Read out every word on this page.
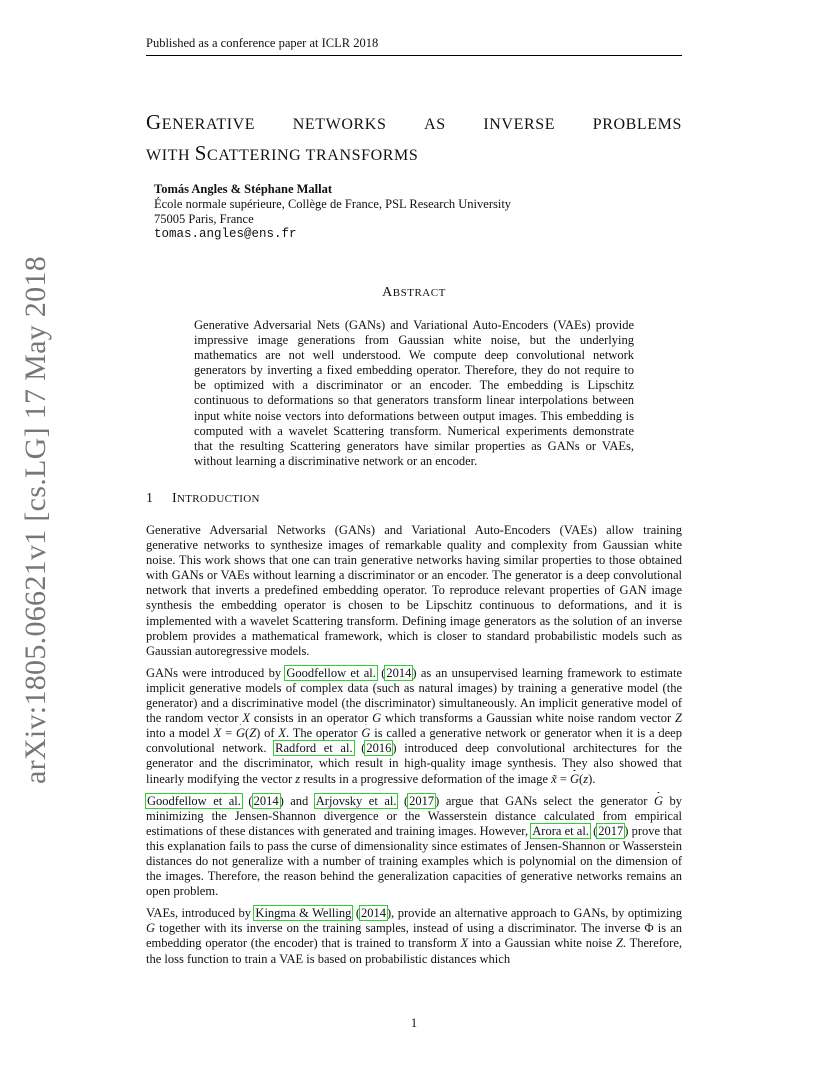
Published as a conference paper at ICLR 2018
arXiv:1805.06621v1 [cs.LG] 17 May 2018
GENERATIVE NETWORKS AS INVERSE PROBLEMS
WITH SCATTERING TRANSFORMS
Tomás Angles & Stéphane Mallat
École normale supérieure, Collège de France, PSL Research University
75005 Paris, France
tomas.angles@ens.fr
ABSTRACT
Generative Adversarial Nets (GANs) and Variational Auto-Encoders (VAEs) provide impressive image generations from Gaussian white noise, but the underlying mathematics are not well understood. We compute deep convolutional network generators by inverting a fixed embedding operator. Therefore, they do not require to be optimized with a discriminator or an encoder. The embedding is Lipschitz continuous to deformations so that generators transform linear interpolations between input white noise vectors into deformations between output images. This embedding is computed with a wavelet Scattering transform. Numerical experiments demonstrate that the resulting Scattering generators have similar properties as GANs or VAEs, without learning a discriminative network or an encoder.
1 INTRODUCTION

Generative Adversarial Networks (GANs) and Variational Auto-Encoders (VAEs) allow training generative networks to synthesize images of remarkable quality and complexity from Gaussian white noise. This work shows that one can train generative networks having similar properties to those obtained with GANs or VAEs without learning a discriminator or an encoder. The generator is a deep convolutional network that inverts a predefined embedding operator. To reproduce relevant properties of GAN image synthesis the embedding operator is chosen to be Lipschitz continuous to deformations, and it is implemented with a wavelet Scattering transform. Defining image generators as the solution of an inverse problem provides a mathematical framework, which is closer to standard probabilistic models such as Gaussian autoregressive models.

GANs were introduced by Goodfellow et al. (2014) as an unsupervised learning framework to estimate implicit generative models of complex data (such as natural images) by training a generative model (the generator) and a discriminative model (the discriminator) simultaneously. An implicit generative model of the random vector X consists in an operator G which transforms a Gaussian white noise random vector Z into a model X = G(Z) of X. The operator G is called a generative network or generator when it is a deep convolutional network. Radford et al. (2016) introduced deep convolutional architectures for the generator and the discriminator, which result in high-quality image synthesis. They also showed that linearly modifying the vector z results in a progressive deformation of the image x̃ = G(z).

Goodfellow et al. (2014) and Arjovsky et al. (2017) argue that GANs select the generator G by minimizing the Jensen-Shannon divergence or the Wasserstein distance calculated from empirical estimations of these distances with generated and training images. However, Arora et al. (2017) prove that this explanation fails to pass the curse of dimensionality since estimates of Jensen-Shannon or Wasserstein distances do not generalize with a number of training examples which is polynomial on the dimension of the images. Therefore, the reason behind the generalization capacities of generative networks remains an open problem.

VAEs, introduced by Kingma & Welling (2014), provide an alternative approach to GANs, by optimizing G together with its inverse on the training samples, instead of using a discriminator. The inverse Φ is an embedding operator (the encoder) that is trained to transform X into a Gaussian white noise Z. Therefore, the loss function to train a VAE is based on probabilistic distances which

1
